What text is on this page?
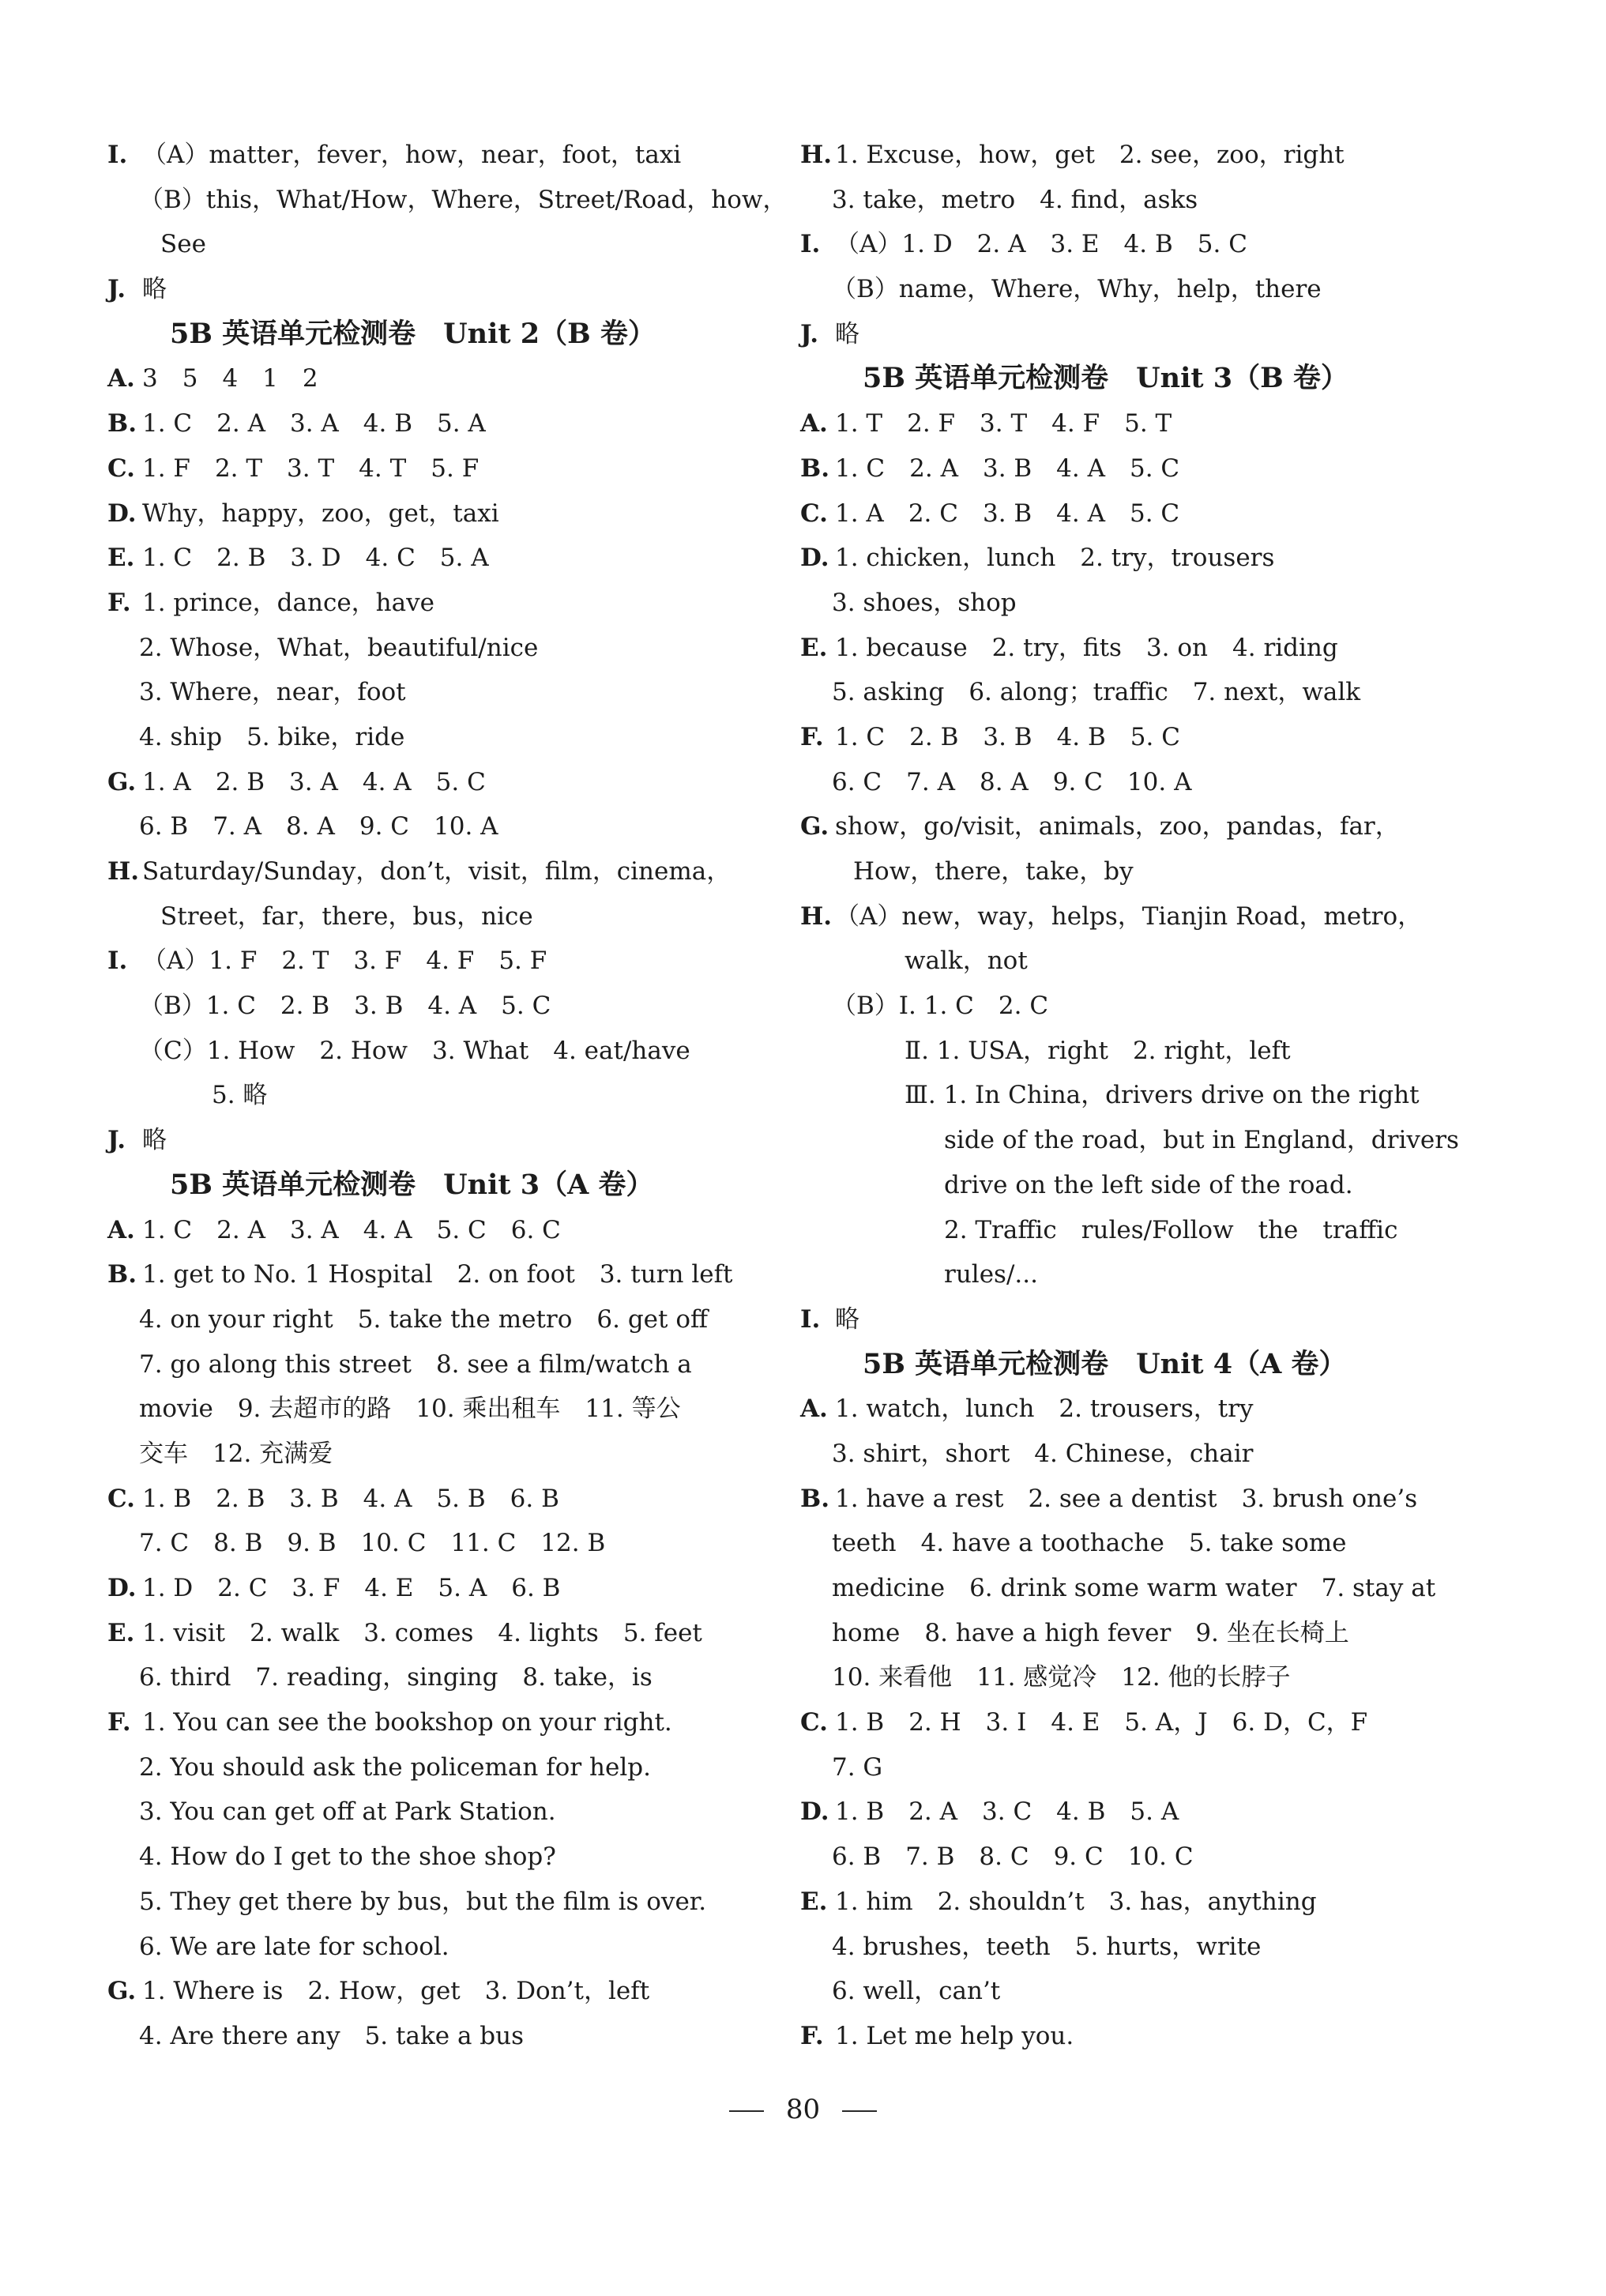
I. （A）matter，fever，how，near，foot，taxi
（B）this，What/How，Where，Street/Road，how，
See
J. 略
5B 英语单元检测卷　Unit 2（B 卷）
A. 3　5　4　1　2
B. 1. C　2. A　3. A　4. B　5. A
C. 1. F　2. T　3. T　4. T　5. F
D. Why，happy，zoo，get，taxi
E. 1. C　2. B　3. D　4. C　5. A
F. 1. prince，dance，have
2. Whose，What，beautiful/nice
3. Where，near，foot
4. ship　5. bike，ride
G. 1. A　2. B　3. A　4. A　5. C
6. B　7. A　8. A　9. C　10. A
H. Saturday/Sunday，don’t，visit，film，cinema，
Street，far，there，bus，nice
I. （A）1. F　2. T　3. F　4. F　5. F
（B）1. C　2. B　3. B　4. A　5. C
（C）1. How　2. How　3. What　4. eat/have
5. 略
J. 略
5B 英语单元检测卷　Unit 3（A 卷）
A. 1. C　2. A　3. A　4. A　5. C　6. C
B. 1. get to No. 1 Hospital　2. on foot　3. turn left
4. on your right　5. take the metro　6. get off
7. go along this street　8. see a film/watch a
movie　9. 去超市的路　10. 乘出租车　11. 等公
交车　12. 充满爱
C. 1. B　2. B　3. B　4. A　5. B　6. B
7. C　8. B　9. B　10. C　11. C　12. B
D. 1. D　2. C　3. F　4. E　5. A　6. B
E. 1. visit　2. walk　3. comes　4. lights　5. feet
6. third　7. reading，singing　8. take，is
F. 1. You can see the bookshop on your right.
2. You should ask the policeman for help.
3. You can get off at Park Station.
4. How do I get to the shoe shop?
5. They get there by bus，but the film is over.
6. We are late for school.
G. 1. Where is　2. How，get　3. Don’t，left
4. Are there any　5. take a bus
H. 1. Excuse，how，get　2. see，zoo，right
3. take，metro　4. find，asks
I. （A）1. D　2. A　3. E　4. B　5. C
（B）name，Where，Why，help，there
J. 略
5B 英语单元检测卷　Unit 3（B 卷）
A. 1. T　2. F　3. T　4. F　5. T
B. 1. C　2. A　3. B　4. A　5. C
C. 1. A　2. C　3. B　4. A　5. C
D. 1. chicken，lunch　2. try，trousers
3. shoes，shop
E. 1. because　2. try，fits　3. on　4. riding
5. asking　6. along；traffic　7. next，walk
F. 1. C　2. B　3. B　4. B　5. C
6. C　7. A　8. A　9. C　10. A
G. show，go/visit，animals，zoo，pandas，far，
How，there，take，by
H. （A）new，way，helps，Tianjin Road，metro，
walk，not
（B）Ⅰ. 1. C　2. C
Ⅱ. 1. USA，right　2. right，left
Ⅲ. 1. In China，drivers drive on the right
side of the road，but in England，drivers
drive on the left side of the road.
2. Traffic　rules/Follow　the　traffic
rules/...
I. 略
5B 英语单元检测卷　Unit 4（A 卷）
A. 1. watch，lunch　2. trousers，try
3. shirt，short　4. Chinese，chair
B. 1. have a rest　2. see a dentist　3. brush one’s
teeth　4. have a toothache　5. take some
medicine　6. drink some warm water　7. stay at
home　8. have a high fever　9. 坐在长椅上
10. 来看他　11. 感觉冷　12. 他的长脖子
C. 1. B　2. H　3. I　4. E　5. A，J　6. D，C，F
7. G
D. 1. B　2. A　3. C　4. B　5. A
6. B　7. B　8. C　9. C　10. C
E. 1. him　2. shouldn’t　3. has，anything
4. brushes，teeth　5. hurts，write
6. well，can’t
F. 1. Let me help you.
80
